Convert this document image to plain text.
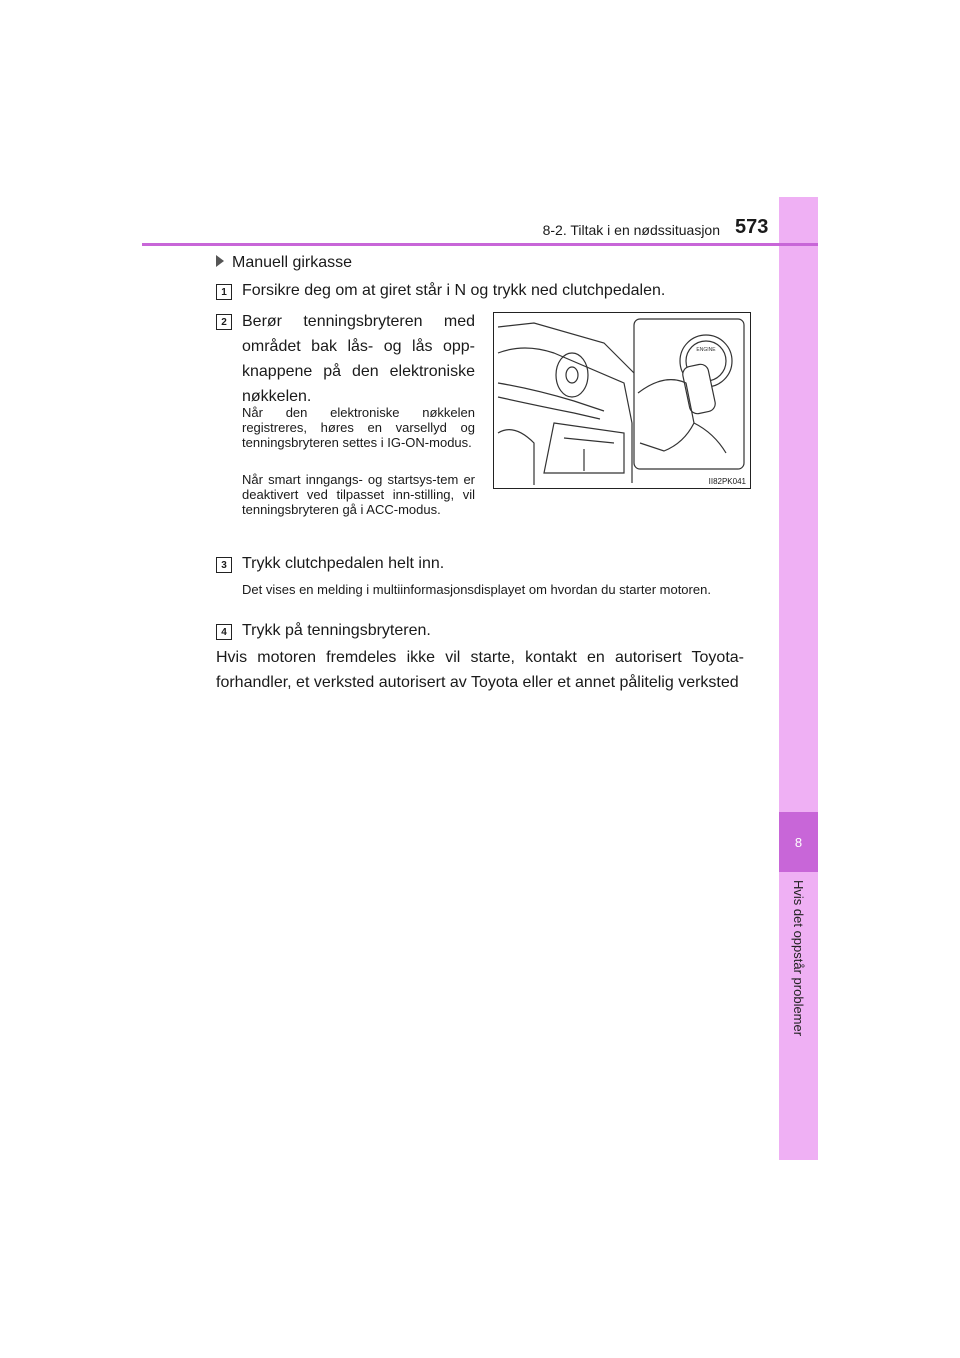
8
Hvis det oppstår problemer
8-2. Tiltak i en nødssituasjon 573
Manuell girkasse
1 Forsikre deg om at giret står i N og trykk ned clutchpedalen.
2 Berør tenningsbryteren med området bak lås- og lås opp-knappene på den elektroniske nøkkelen.
Når den elektroniske nøkkelen registreres, høres en varsellyd og tenningsbryteren settes i IG-ON-modus.
Når smart inngangs- og startsys-tem er deaktivert ved tilpasset inn-stilling, vil tenningsbryteren gå i ACC-modus.
ENGINE
II82PK041
3 Trykk clutchpedalen helt inn.
Det vises en melding i multiinformasjonsdisplayet om hvordan du starter motoren.
4 Trykk på tenningsbryteren.
Hvis motoren fremdeles ikke vil starte, kontakt en autorisert Toyota-forhandler, et verksted autorisert av Toyota eller et annet pålitelig verksted
